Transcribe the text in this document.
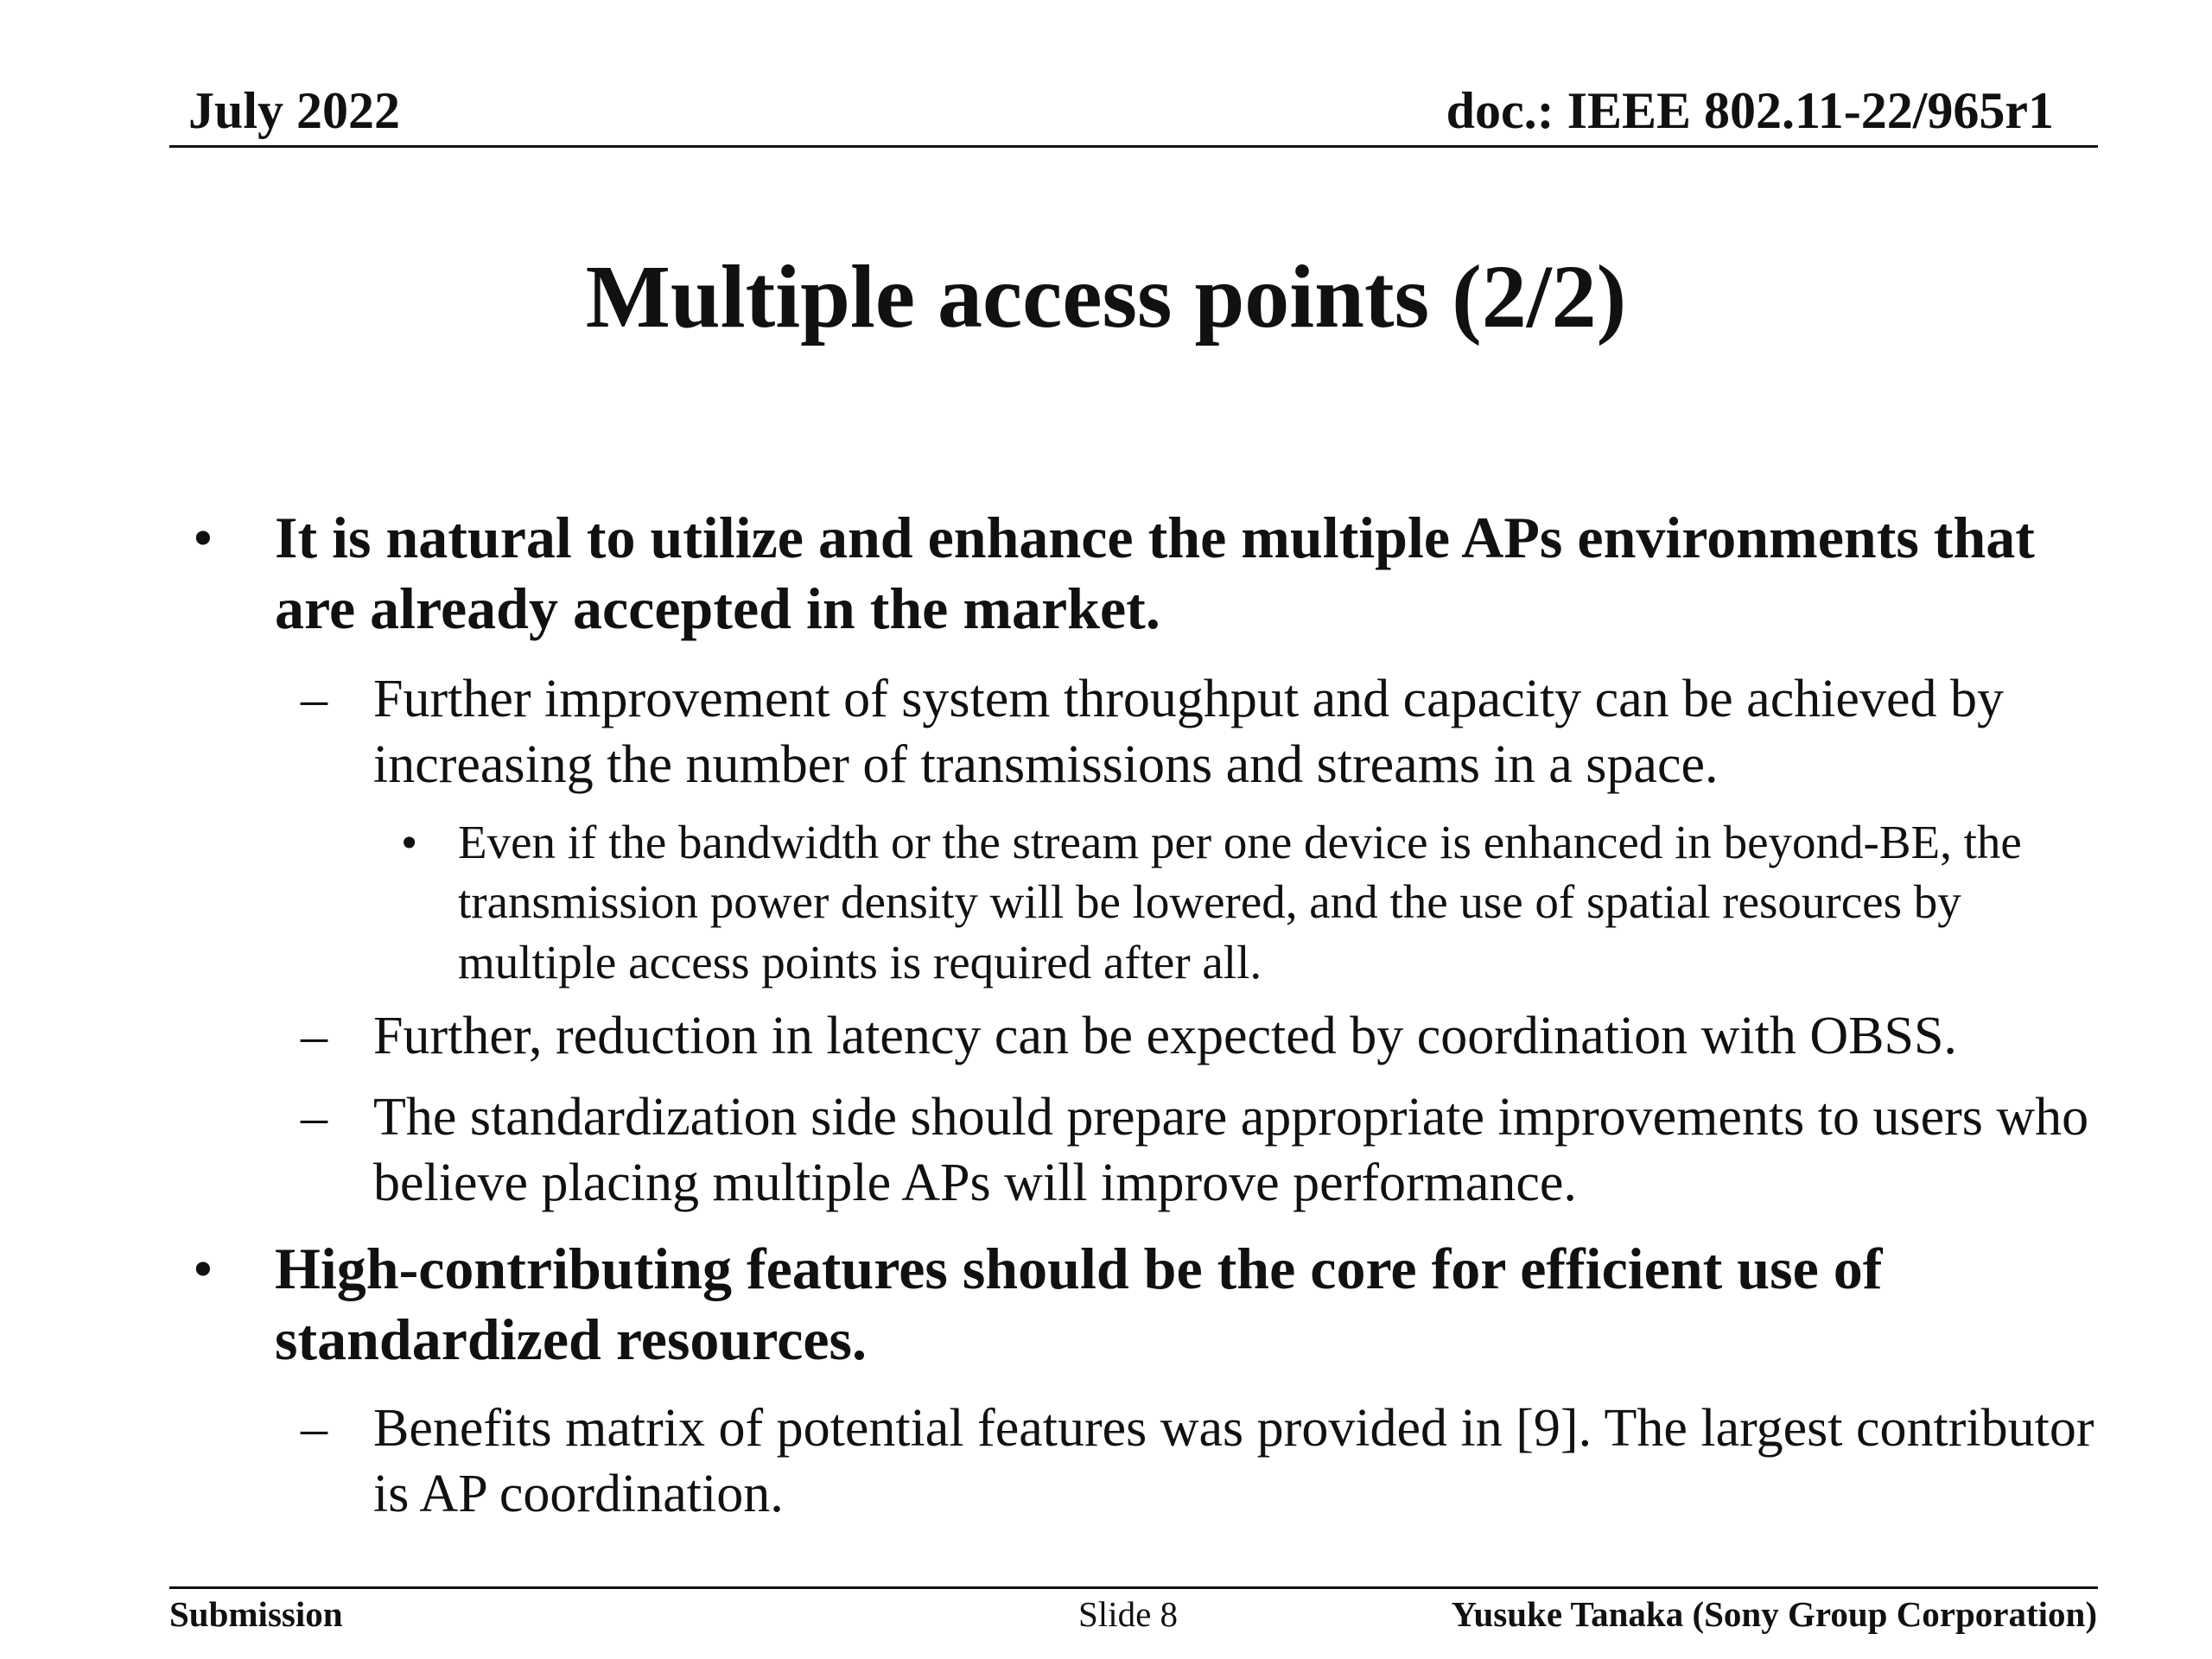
July 2022	doc.: IEEE 802.11-22/965r1
Multiple access points (2/2)
• It is natural to utilize and enhance the multiple APs environments that are already accepted in the market.
– Further improvement of system throughput and capacity can be achieved by increasing the number of transmissions and streams in a space.
• Even if the bandwidth or the stream per one device is enhanced in beyond-BE, the transmission power density will be lowered, and the use of spatial resources by multiple access points is required after all.
– Further, reduction in latency can be expected by coordination with OBSS.
– The standardization side should prepare appropriate improvements to users who believe placing multiple APs will improve performance.
• High-contributing features should be the core for efficient use of standardized resources.
– Benefits matrix of potential features was provided in [9]. The largest contributor is AP coordination.
Submission	Slide 8	Yusuke Tanaka (Sony Group Corporation)
